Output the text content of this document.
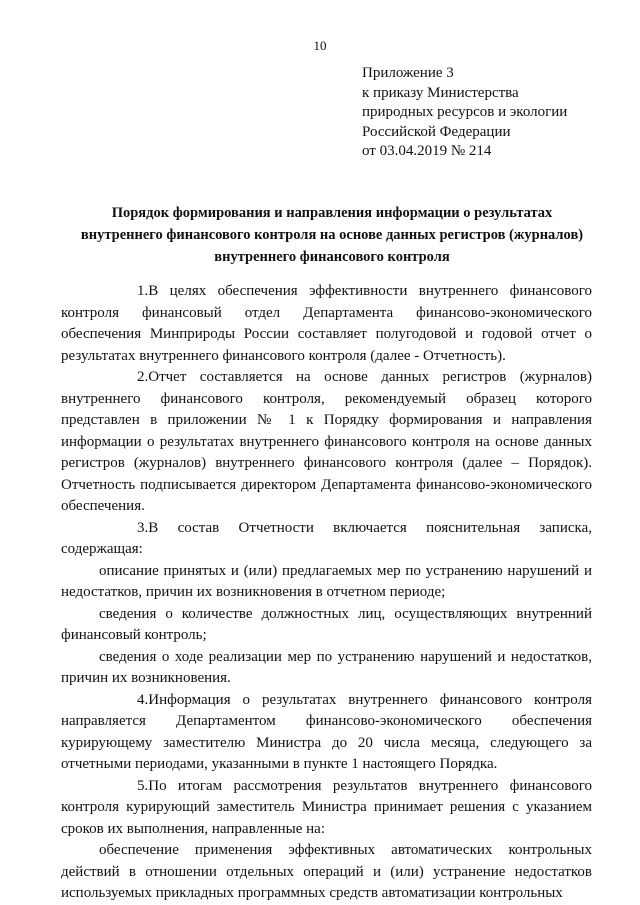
10
Приложение 3
к приказу Министерства
природных ресурсов и экологии
Российской Федерации
от 03.04.2019 № 214
Порядок формирования и направления информации о результатах
внутреннего финансового контроля на основе данных регистров (журналов)
внутреннего финансового контроля

1.В целях обеспечения эффективности внутреннего финансового контроля финансовый отдел Департамента финансово-экономического обеспечения Минприроды России составляет полугодовой и годовой отчет о результатах внутреннего финансового контроля (далее - Отчетность).

2.Отчет составляется на основе данных регистров (журналов) внутреннего финансового контроля, рекомендуемый образец которого представлен в приложении № 1 к Порядку формирования и направления информации о результатах внутреннего финансового контроля на основе данных регистров (журналов) внутреннего финансового контроля (далее – Порядок). Отчетность подписывается директором Департамента финансово-экономического обеспечения.

3.В состав Отчетности включается пояснительная записка, содержащая:

описание принятых и (или) предлагаемых мер по устранению нарушений и недостатков, причин их возникновения в отчетном периоде;

сведения о количестве должностных лиц, осуществляющих внутренний финансовый контроль;

сведения о ходе реализации мер по устранению нарушений и недостатков, причин их возникновения.

4.Информация о результатах внутреннего финансового контроля направляется Департаментом финансово-экономического обеспечения курирующему заместителю Министра до 20 числа месяца, следующего за отчетными периодами, указанными в пункте 1 настоящего Порядка.

5.По итогам рассмотрения результатов внутреннего финансового контроля курирующий заместитель Министра принимает решения с указанием сроков их выполнения, направленные на:

обеспечение применения эффективных автоматических контрольных действий в отношении отдельных операций и (или) устранение недостатков используемых прикладных программных средств автоматизации контрольных
